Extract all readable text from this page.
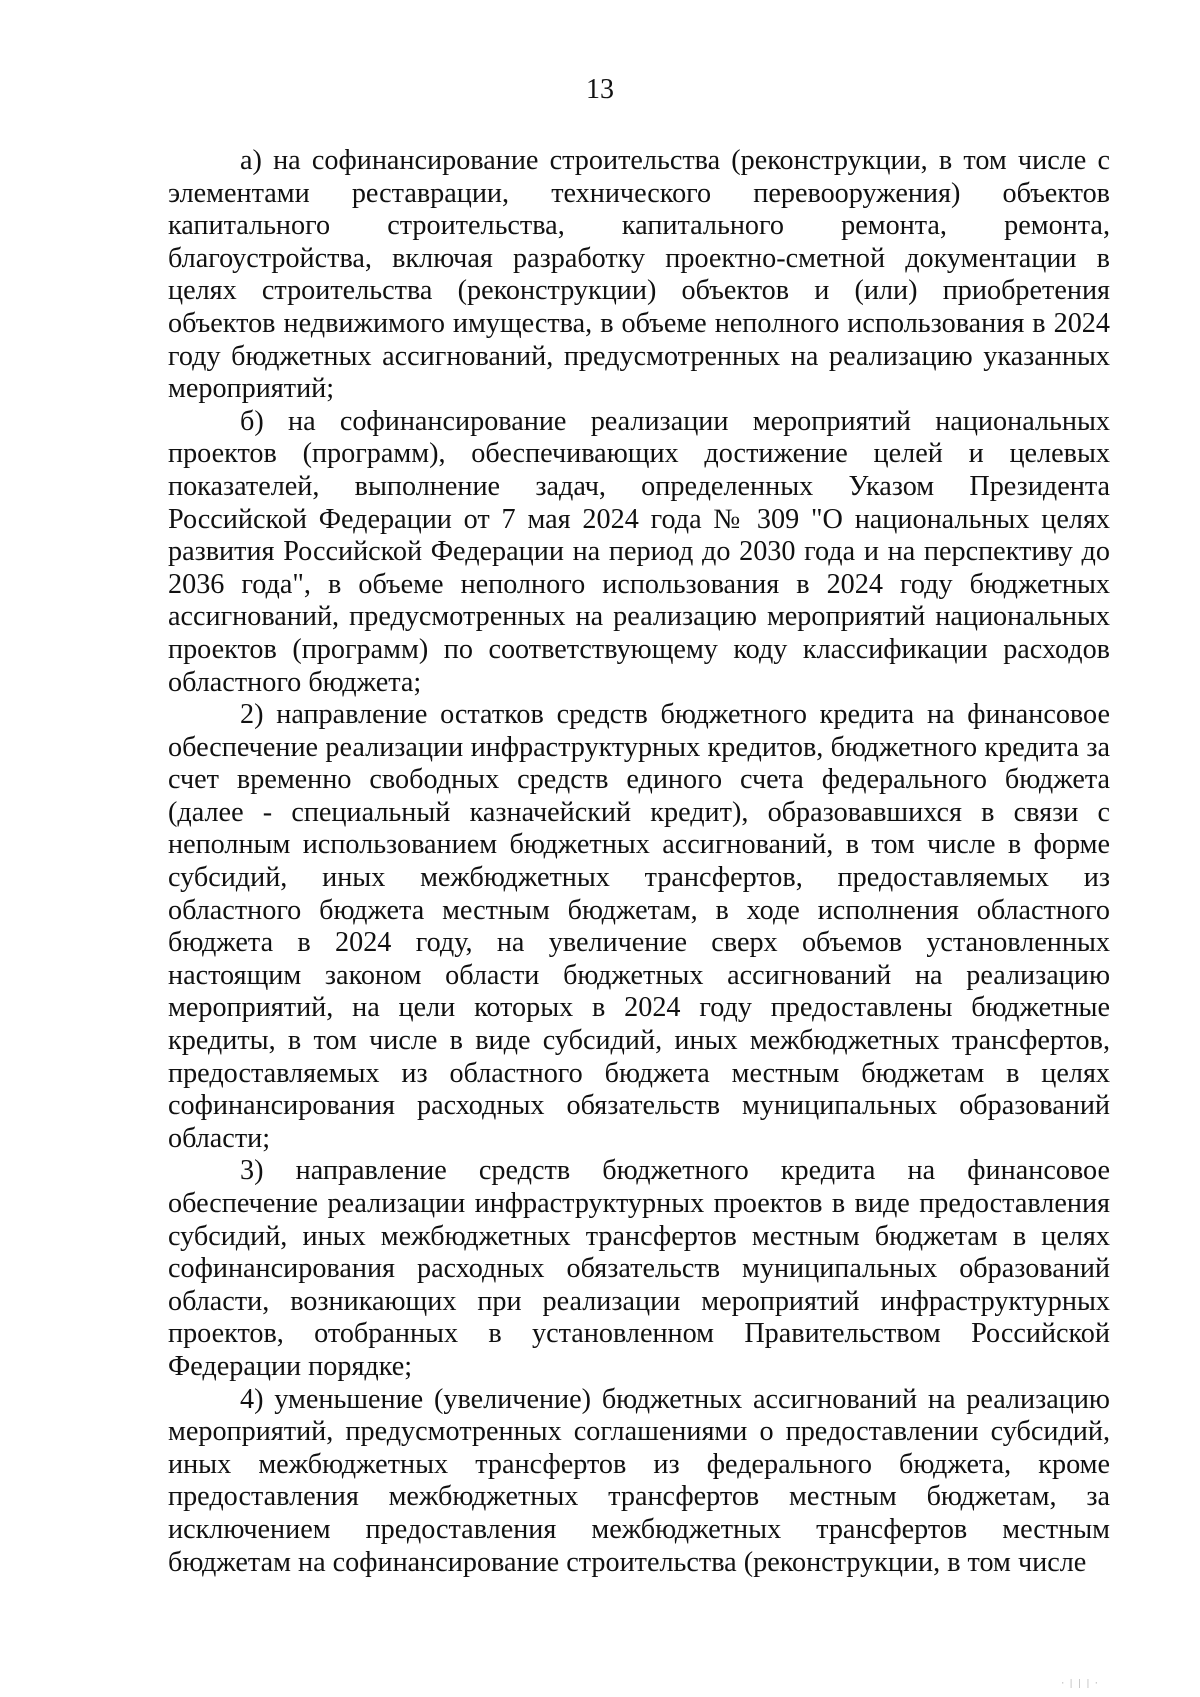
13

а) на софинансирование строительства (реконструкции, в том числе с элементами реставрации, технического перевооружения) объектов капитального строительства, капитального ремонта, ремонта, благоустройства, включая разработку проектно-сметной документации в целях строительства (реконструкции) объектов и (или) приобретения объектов недвижимого имущества, в объеме неполного использования в 2024 году бюджетных ассигнований, предусмотренных на реализацию указанных мероприятий;

б) на софинансирование реализации мероприятий национальных проектов (программ), обеспечивающих достижение целей и целевых показателей, выполнение задач, определенных Указом Президента Российской Федерации от 7 мая 2024 года № 309 "О национальных целях развития Российской Федерации на период до 2030 года и на перспективу до 2036 года", в объеме неполного использования в 2024 году бюджетных ассигнований, предусмотренных на реализацию мероприятий национальных проектов (программ) по соответствующему коду классификации расходов областного бюджета;

2) направление остатков средств бюджетного кредита на финансовое обеспечение реализации инфраструктурных кредитов, бюджетного кредита за счет временно свободных средств единого счета федерального бюджета (далее - специальный казначейский кредит), образовавшихся в связи с неполным использованием бюджетных ассигнований, в том числе в форме субсидий, иных межбюджетных трансфертов, предоставляемых из областного бюджета местным бюджетам, в ходе исполнения областного бюджета в 2024 году, на увеличение сверх объемов установленных настоящим законом области бюджетных ассигнований на реализацию мероприятий, на цели которых в 2024 году предоставлены бюджетные кредиты, в том числе в виде субсидий, иных межбюджетных трансфертов, предоставляемых из областного бюджета местным бюджетам в целях софинансирования расходных обязательств муниципальных образований области;

3) направление средств бюджетного кредита на финансовое обеспечение реализации инфраструктурных проектов в виде предоставления субсидий, иных межбюджетных трансфертов местным бюджетам в целях софинансирования расходных обязательств муниципальных образований области, возникающих при реализации мероприятий инфраструктурных проектов, отобранных в установленном Правительством Российской Федерации порядке;

4) уменьшение (увеличение) бюджетных ассигнований на реализацию мероприятий, предусмотренных соглашениями о предоставлении субсидий, иных межбюджетных трансфертов из федерального бюджета, кроме предоставления межбюджетных трансфертов местным бюджетам, за исключением предоставления межбюджетных трансфертов местным бюджетам на софинансирование строительства (реконструкции, в том числе

·|||·
